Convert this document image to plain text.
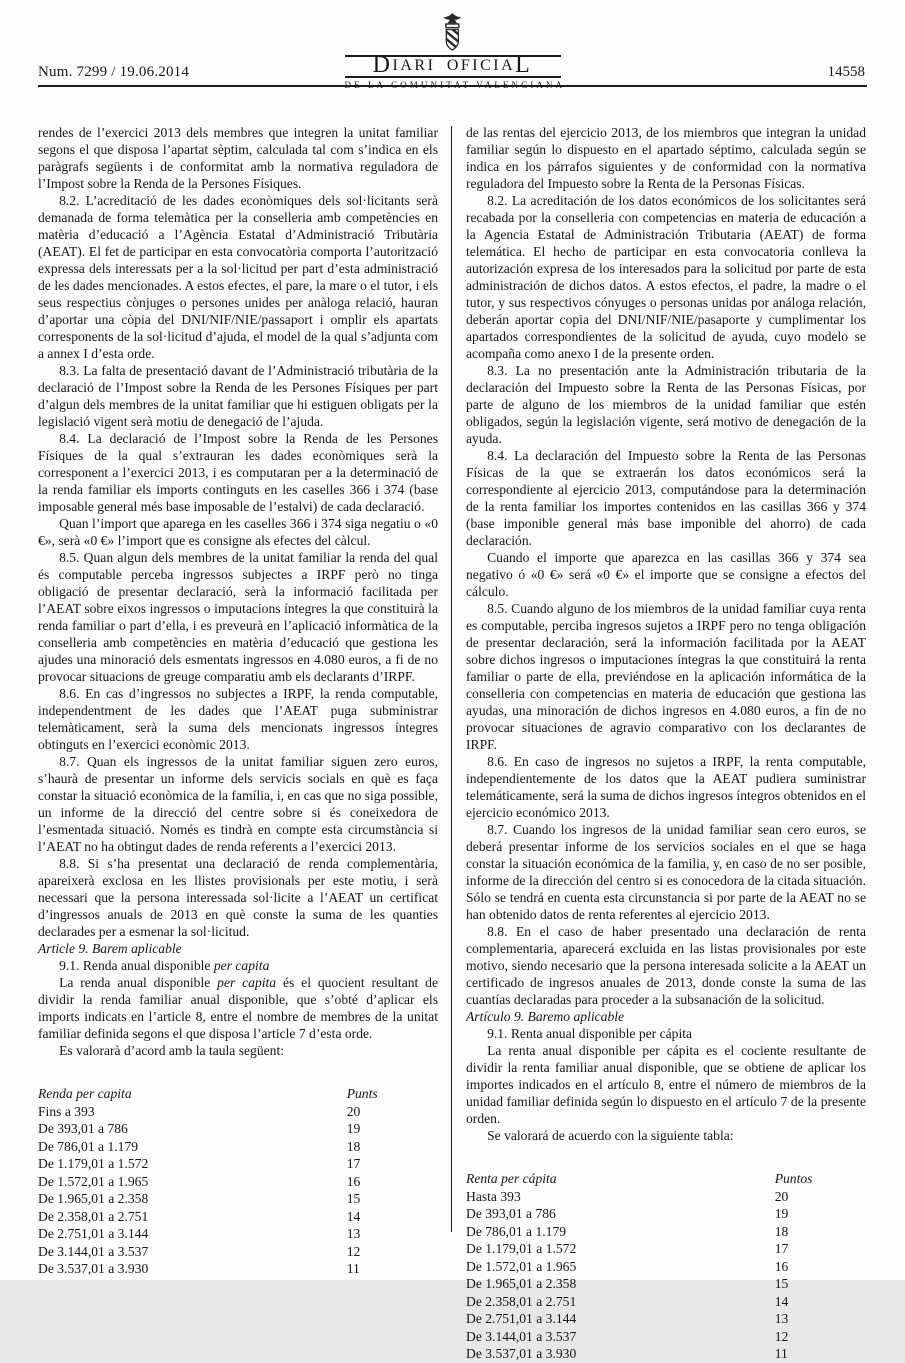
Num. 7299 / 19.06.2014	14558
DIARI   OFICIAL

rendes de l’exercici 2013 dels membres que integren la unitat familiar segons el que disposa l’apartat sèptim, calculada tal com s’indica en els paràgrafs següents i de conformitat amb la normativa reguladora de l’Impost sobre la Renda de la Persones Físiques.

8.2. L’acreditació de les dades econòmiques dels sol·licitants serà demanada de forma telemàtica per la conselleria amb competències en matèria d’educació a l’Agència Estatal d’Administració Tributària (AEAT). El fet de participar en esta convocatòria comporta l’autorització expressa dels interessats per a la sol·licitud per part d’esta administració de les dades mencionades. A estos efectes, el pare, la mare o el tutor, i els seus respectius cònjuges o persones unides per anàloga relació, hauran d’aportar una còpia del DNI/NIF/NIE/passaport i omplir els apartats corresponents de la sol·licitud d’ajuda, el model de la qual s’adjunta com a annex I d’esta orde.

8.3. La falta de presentació davant de l’Administració tributària de la declaració de l’Impost sobre la Renda de les Persones Físiques per part d’algun dels membres de la unitat familiar que hi estiguen obligats per la legislació vigent serà motiu de denegació de l’ajuda.

8.4. La declaració de l’Impost sobre la Renda de les Persones Físiques de la qual s’extrauran les dades econòmiques serà la corresponent a l’exercici 2013, i es computaran per a la determinació de la renda familiar els imports continguts en les caselles 366 i 374 (base imposable general més base imposable de l’estalvi) de cada declaració.

Quan l’import que aparega en les caselles 366 i 374 siga negatiu o «0 €», serà «0 €» l’import que es consigne als efectes del càlcul.

8.5. Quan algun dels membres de la unitat familiar la renda del qual és computable perceba ingressos subjectes a IRPF però no tinga obligació de presentar declaració, serà la informació facilitada per l’AEAT sobre eixos ingressos o imputacions íntegres la que constituirà la renda familiar o part d’ella, i es preveurà en l’aplicació informàtica de la conselleria amb competències en matèria d’educació que gestiona les ajudes una minoració dels esmentats ingressos en 4.080 euros, a fi de no provocar situacions de greuge comparatiu amb els declarants d’IRPF.

8.6. En cas d’ingressos no subjectes a IRPF, la renda computable, independentment de les dades que l’AEAT puga subministrar telemàticament, serà la suma dels mencionats ingressos íntegres obtinguts en l’exercici econòmic 2013.

8.7. Quan els ingressos de la unitat familiar siguen zero euros, s’haurà de presentar un informe dels servicis socials en què es faça constar la situació econòmica de la família, i, en cas que no siga possible, un informe de la direcció del centre sobre si és coneixedora de l’esmentada situació. Només es tindrà en compte esta circumstància si l’AEAT no ha obtingut dades de renda referents a l’exercici 2013.

8.8. Si s’ha presentat una declaració de renda complementària, apareixerà exclosa en les llistes provisionals per este motiu, i serà necessari que la persona interessada sol·licite a l’AEAT un certificat d’ingressos anuals de 2013 en què conste la suma de les quanties declarades per a esmenar la sol·licitud.

Article 9. Barem aplicable

9.1. Renda anual disponible per capita

La renda anual disponible per capita és el quocient resultant de dividir la renda familiar anual disponible, que s’obté d’aplicar els imports indicats en l’article 8, entre el nombre de membres de la unitat familiar definida segons el que disposa l’article 7 d’esta orde.

Es valorarà d’acord amb la taula següent:

Renda per capita	Punts
Fins a 393	20
De 393,01 a 786	19
De 786,01 a 1.179	18
De 1.179,01 a 1.572	17
De 1.572,01 a 1.965	16
De 1.965,01 a 2.358	15
De 2.358,01 a 2.751	14
De 2.751,01 a 3.144	13
De 3.144,01 a 3.537	12
De 3.537,01 a 3.930	11

de las rentas del ejercicio 2013, de los miembros que integran la unidad familiar según lo dispuesto en el apartado séptimo, calculada según se indica en los párrafos siguientes y de conformidad con la normativa reguladora del Impuesto sobre la Renta de la Personas Físicas.

8.2. La acreditación de los datos económicos de los solicitantes será recabada por la conselleria con competencias en materia de educación a la Agencia Estatal de Administración Tributaria (AEAT) de forma telemática. El hecho de participar en esta convocatoria conlleva la autorización expresa de los interesados para la solicitud por parte de esta administración de dichos datos. A estos efectos, el padre, la madre o el tutor, y sus respectivos cónyuges o personas unidas por análoga relación, deberán aportar copia del DNI/NIF/NIE/pasaporte y cumplimentar los apartados correspondientes de la solicitud de ayuda, cuyo modelo se acompaña como anexo I de la presente orden.

8.3. La no presentación ante la Administración tributaria de la declaración del Impuesto sobre la Renta de las Personas Físicas, por parte de alguno de los miembros de la unidad familiar que estén obligados, según la legislación vigente, será motivo de denegación de la ayuda.

8.4. La declaración del Impuesto sobre la Renta de las Personas Físicas de la que se extraerán los datos económicos será la correspondiente al ejercicio 2013, computándose para la determinación de la renta familiar los importes contenidos en las casillas 366 y 374 (base imponible general más base imponible del ahorro) de cada declaración.

Cuando el importe que aparezca en las casillas 366 y 374 sea negativo ó «0 €» será «0 €» el importe que se consigne a efectos del cálculo.

8.5. Cuando alguno de los miembros de la unidad familiar cuya renta es computable, perciba ingresos sujetos a IRPF pero no tenga obligación de presentar declaración, será la información facilitada por la AEAT sobre dichos ingresos o imputaciones íntegras la que constituirá la renta familiar o parte de ella, previéndose en la aplicación informática de la conselleria con competencias en materia de educación que gestiona las ayudas, una minoración de dichos ingresos en 4.080 euros, a fin de no provocar situaciones de agravio comparativo con los declarantes de IRPF.

8.6. En caso de ingresos no sujetos a IRPF, la renta computable, independientemente de los datos que la AEAT pudiera suministrar telemáticamente, será la suma de dichos ingresos íntegros obtenidos en el ejercicio económico 2013.

8.7. Cuando los ingresos de la unidad familiar sean cero euros, se deberá presentar informe de los servicios sociales en el que se haga constar la situación económica de la familia, y, en caso de no ser posible, informe de la dirección del centro si es conocedora de la citada situación. Sólo se tendrá en cuenta esta circunstancia si por parte de la AEAT no se han obtenido datos de renta referentes al ejercicio 2013.

8.8. En el caso de haber presentado una declaración de renta complementaria, aparecerá excluida en las listas provisionales por este motivo, siendo necesario que la persona interesada solicite a la AEAT un certificado de ingresos anuales de 2013, donde conste la suma de las cuantías declaradas para proceder a la subsanación de la solicitud.

Artículo 9. Baremo aplicable

9.1. Renta anual disponible per cápita

La renta anual disponible per cápita es el cociente resultante de dividir la renta familiar anual disponible, que se obtiene de aplicar los importes indicados en el artículo 8, entre el número de miembros de la unidad familiar definida según lo dispuesto en el artículo 7 de la presente orden.

Se valorará de acuerdo con la siguiente tabla:

Renta per cápita	Puntos
Hasta 393	20
De 393,01 a 786	19
De 786,01 a 1.179	18
De 1.179,01 a 1.572	17
De 1.572,01 a 1.965	16
De 1.965,01 a 2.358	15
De 2.358,01 a 2.751	14
De 2.751,01 a 3.144	13
De 3.144,01 a 3.537	12
De 3.537,01 a 3.930	11
